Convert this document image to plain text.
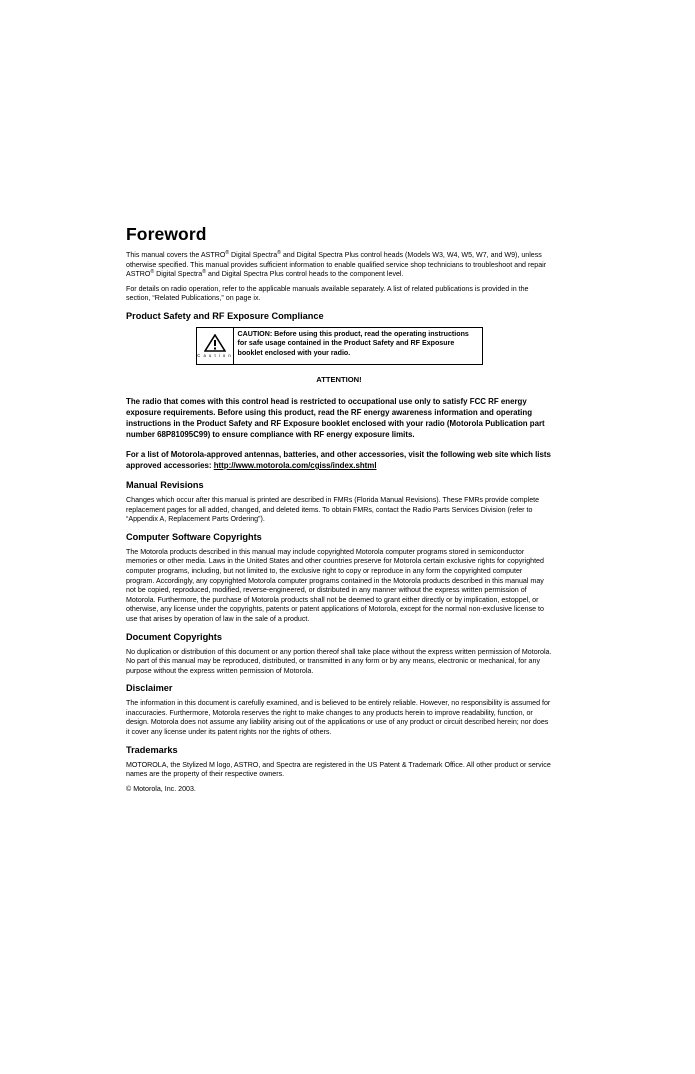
Foreword

This manual covers the ASTRO® Digital Spectra® and Digital Spectra Plus control heads (Models W3, W4, W5, W7, and W9), unless otherwise specified. This manual provides sufficient information to enable qualified service shop technicians to troubleshoot and repair ASTRO® Digital Spectra® and Digital Spectra Plus control heads to the component level.

For details on radio operation, refer to the applicable manuals available separately. A list of related publications is provided in the section, “Related Publications,” on page ix.

Product Safety and RF Exposure Compliance
C a u t i o n
CAUTION: Before using this product, read the operating instructions for safe usage contained in the Product Safety and RF Exposure booklet enclosed with your radio.
ATTENTION!
The radio that comes with this control head is restricted to occupational use only to satisfy FCC RF energy exposure requirements. Before using this product, read the RF energy awareness information and operating instructions in the Product Safety and RF Exposure booklet enclosed with your radio (Motorola Publication part number 68P81095C99) to ensure compliance with RF energy exposure limits.
For a list of Motorola-approved antennas, batteries, and other accessories, visit the following web site which lists approved accessories: http://www.motorola.com/cgiss/index.shtml
Manual Revisions

Changes which occur after this manual is printed are described in FMRs (Florida Manual Revisions). These FMRs provide complete replacement pages for all added, changed, and deleted items. To obtain FMRs, contact the Radio Parts Services Division (refer to “Appendix A, Replacement Parts Ordering”).

Computer Software Copyrights

The Motorola products described in this manual may include copyrighted Motorola computer programs stored in semiconductor memories or other media. Laws in the United States and other countries preserve for Motorola certain exclusive rights for copyrighted computer programs, including, but not limited to, the exclusive right to copy or reproduce in any form the copyrighted computer program. Accordingly, any copyrighted Motorola computer programs contained in the Motorola products described in this manual may not be copied, reproduced, modified, reverse-engineered, or distributed in any manner without the express written permission of Motorola. Furthermore, the purchase of Motorola products shall not be deemed to grant either directly or by implication, estoppel, or otherwise, any license under the copyrights, patents or patent applications of Motorola, except for the normal non-exclusive license to use that arises by operation of law in the sale of a product.

Document Copyrights

No duplication or distribution of this document or any portion thereof shall take place without the express written permission of Motorola. No part of this manual may be reproduced, distributed, or transmitted in any form or by any means, electronic or mechanical, for any purpose without the express written permission of Motorola.

Disclaimer

The information in this document is carefully examined, and is believed to be entirely reliable. However, no responsibility is assumed for inaccuracies. Furthermore, Motorola reserves the right to make changes to any products herein to improve readability, function, or design. Motorola does not assume any liability arising out of the applications or use of any product or circuit described herein; nor does it cover any license under its patent rights nor the rights of others.

Trademarks

MOTOROLA, the Stylized M logo, ASTRO, and Spectra are registered in the US Patent & Trademark Office. All other product or service names are the property of their respective owners.

© Motorola, Inc. 2003.
